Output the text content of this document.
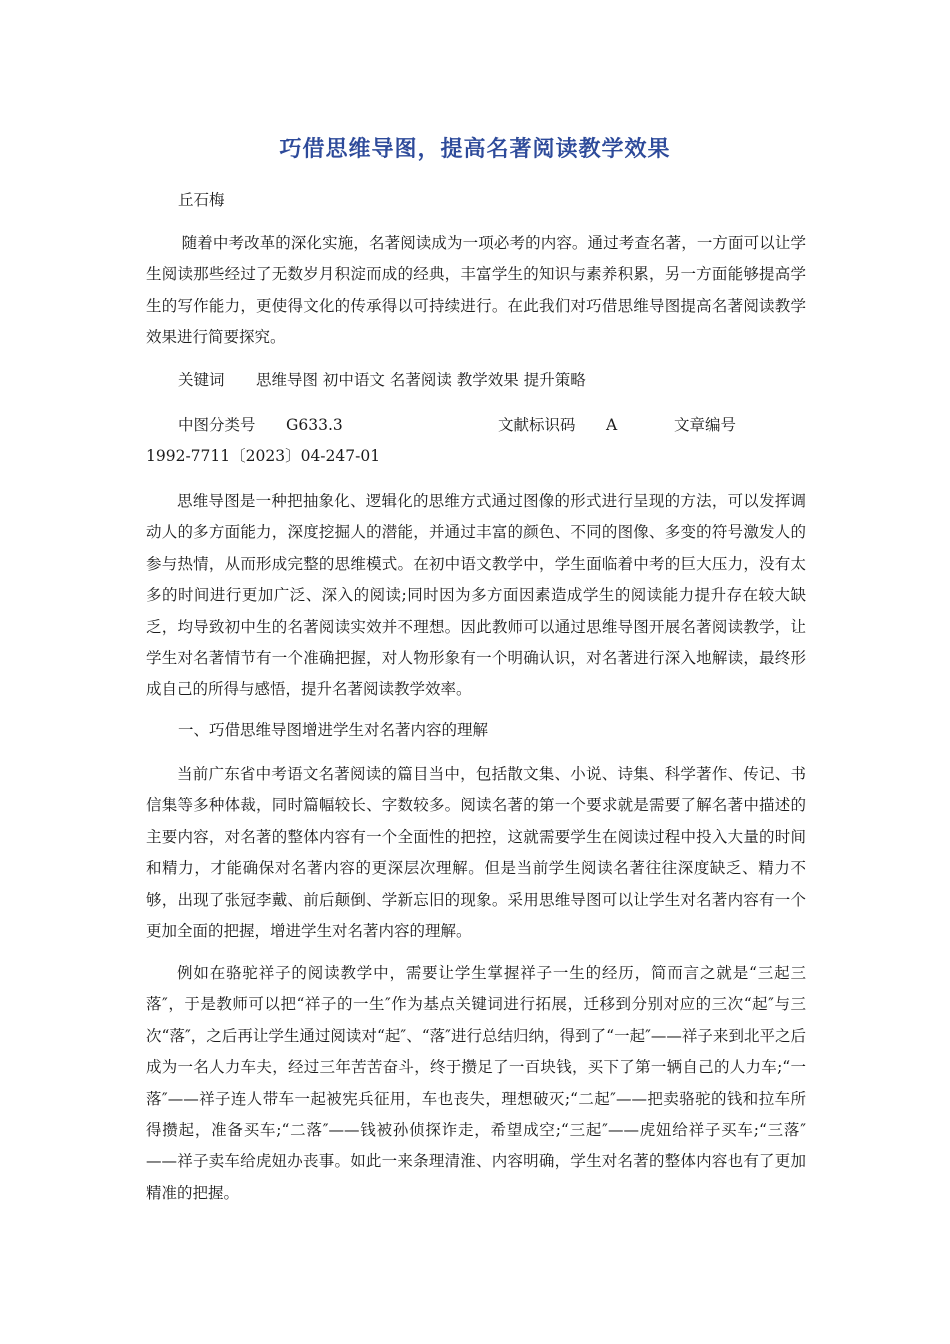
巧借思维导图，提高名著阅读教学效果
丘石梅
随着中考改革的深化实施，名著阅读成为一项必考的内容。通过考查名著，一方面可以让学生阅读那些经过了无数岁月积淀而成的经典，丰富学生的知识与素养积累，另一方面能够提高学生的写作能力，更使得文化的传承得以可持续进行。在此我们对巧借思维导图提高名著阅读教学效果进行简要探究。
关键词 思维导图 初中语文 名著阅读 教学效果 提升策略
中图分类号 G633.3	文献标识码 A	文章编号
1992-7711〔2023〕04-247-01
思维导图是一种把抽象化、逻辑化的思维方式通过图像的形式进行呈现的方法，可以发挥调动人的多方面能力，深度挖掘人的潜能，并通过丰富的颜色、不同的图像、多变的符号激发人的参与热情，从而形成完整的思维模式。在初中语文教学中，学生面临着中考的巨大压力，没有太多的时间进行更加广泛、深入的阅读;同时因为多方面因素造成学生的阅读能力提升存在较大缺乏，均导致初中生的名著阅读实效并不理想。因此教师可以通过思维导图开展名著阅读教学，让学生对名著情节有一个准确把握，对人物形象有一个明确认识，对名著进行深入地解读，最终形成自己的所得与感悟，提升名著阅读教学效率。
一、巧借思维导图增进学生对名著内容的理解
当前广东省中考语文名著阅读的篇目当中，包括散文集、小说、诗集、科学著作、传记、书信集等多种体裁，同时篇幅较长、字数较多。阅读名著的第一个要求就是需要了解名著中描述的主要内容，对名著的整体内容有一个全面性的把控，这就需要学生在阅读过程中投入大量的时间和精力，才能确保对名著内容的更深层次理解。但是当前学生阅读名著往往深度缺乏、精力不够，出现了张冠李戴、前后颠倒、学新忘旧的现象。采用思维导图可以让学生对名著内容有一个更加全面的把握，增进学生对名著内容的理解。
例如在骆驼祥子的阅读教学中，需要让学生掌握祥子一生的经历，简而言之就是“三起三落″，于是教师可以把“祥子的一生″作为基点关键词进行拓展，迁移到分别对应的三次“起″与三次“落″，之后再让学生通过阅读对“起″、“落″进行总结归纳，得到了“一起″——祥子来到北平之后成为一名人力车夫，经过三年苦苦奋斗，终于攒足了一百块钱，买下了第一辆自己的人力车;“一落″——祥子连人带车一起被宪兵征用，车也丧失，理想破灭;“二起″——把卖骆驼的钱和拉车所得攒起，准备买车;“二落″——钱被孙侦探诈走，希望成空;“三起″——虎妞给祥子买车;“三落″——祥子卖车给虎妞办丧事。如此一来条理清淮、内容明确，学生对名著的整体内容也有了更加精准的把握。
